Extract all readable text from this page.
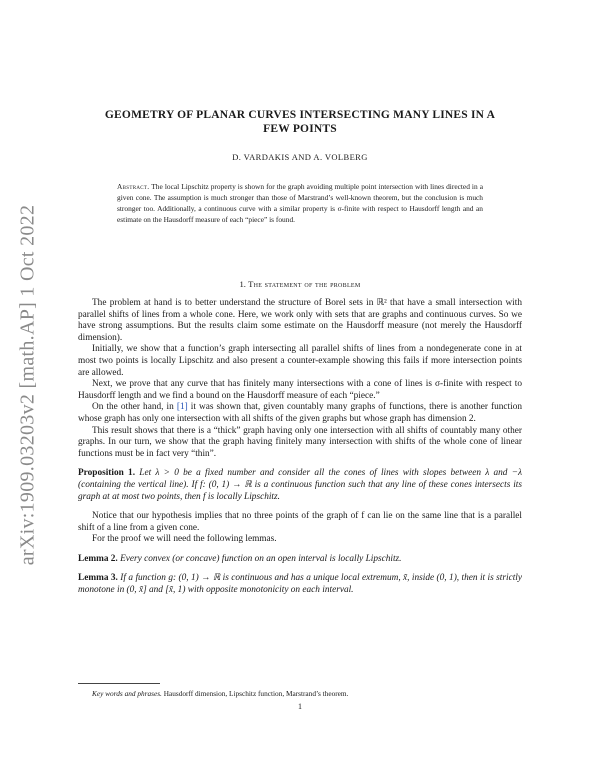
arXiv:1909.03203v2 [math.AP] 1 Oct 2022
GEOMETRY OF PLANAR CURVES INTERSECTING MANY LINES IN A
FEW POINTS
D. VARDAKIS AND A. VOLBERG
Abstract. The local Lipschitz property is shown for the graph avoiding multiple point intersection with lines directed in a given cone. The assumption is much stronger than those of Marstrand’s well-known theorem, but the conclusion is much stronger too. Additionally, a continuous curve with a similar property is σ-finite with respect to Hausdorff length and an estimate on the Hausdorff measure of each “piece” is found.
1. The statement of the problem

The problem at hand is to better understand the structure of Borel sets in ℝ² that have a small intersection with parallel shifts of lines from a whole cone. Here, we work only with sets that are graphs and continuous curves. So we have strong assumptions. But the results claim some estimate on the Hausdorff measure (not merely the Hausdorff dimension).

Initially, we show that a function’s graph intersecting all parallel shifts of lines from a nondegenerate cone in at most two points is locally Lipschitz and also present a counter-example showing this fails if more intersection points are allowed.

Next, we prove that any curve that has finitely many intersections with a cone of lines is σ-finite with respect to Hausdorff length and we find a bound on the Hausdorff measure of each “piece.”

On the other hand, in [1] it was shown that, given countably many graphs of functions, there is another function whose graph has only one intersection with all shifts of the given graphs but whose graph has dimension 2.

This result shows that there is a “thick” graph having only one intersection with all shifts of countably many other graphs. In our turn, we show that the graph having finitely many intersection with shifts of the whole cone of linear functions must be in fact very “thin”.

Proposition 1. Let λ > 0 be a fixed number and consider all the cones of lines with slopes between λ and −λ (containing the vertical line). If f: (0, 1) → ℝ is a continuous function such that any line of these cones intersects its graph at at most two points, then f is locally Lipschitz.

Notice that our hypothesis implies that no three points of the graph of f can lie on the same line that is a parallel shift of a line from a given cone.

For the proof we will need the following lemmas.

Lemma 2. Every convex (or concave) function on an open interval is locally Lipschitz.

Lemma 3. If a function g: (0, 1) → ℝ is continuous and has a unique local extremum, x̃, inside (0, 1), then it is strictly monotone in (0, x̃] and [x̃, 1) with opposite monotonicity on each interval.

Key words and phrases. Hausdorff dimension, Lipschitz function, Marstrand’s theorem.
1
